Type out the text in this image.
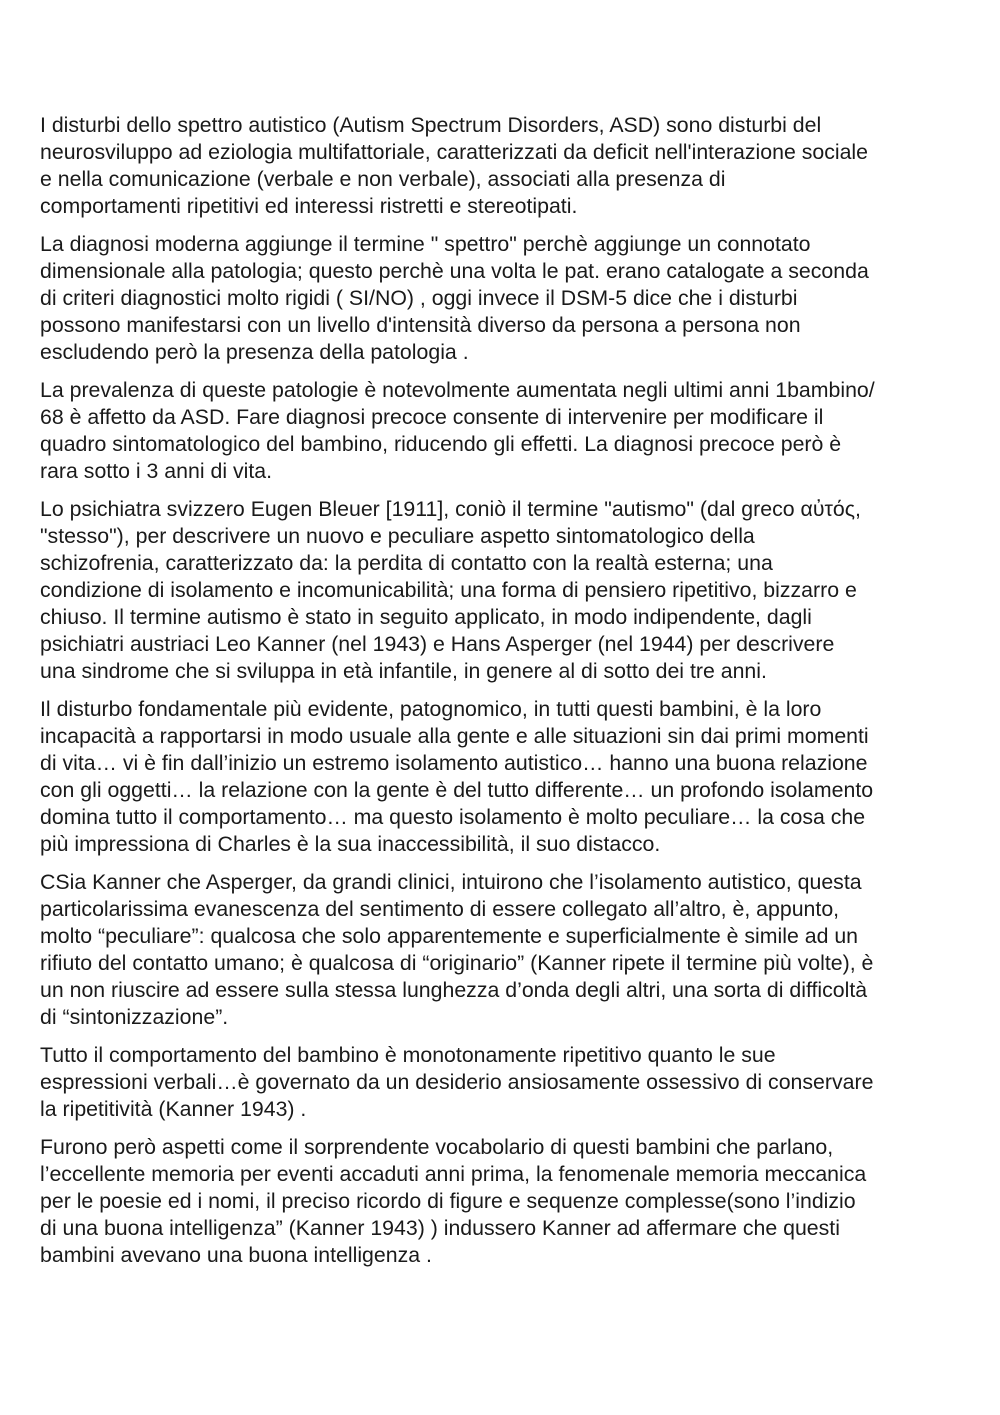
I disturbi dello spettro autistico (Autism Spectrum Disorders, ASD) sono disturbi del
neurosviluppo ad eziologia multifattoriale, caratterizzati da deficit nell'interazione sociale
e nella comunicazione (verbale e non verbale), associati alla presenza di
comportamenti ripetitivi ed interessi ristretti e stereotipati.

La diagnosi moderna aggiunge il termine " spettro" perchè aggiunge un connotato
dimensionale alla patologia; questo perchè una volta le pat. erano catalogate a seconda
di criteri diagnostici molto rigidi ( SI/NO) , oggi invece il DSM-5 dice che i disturbi
possono manifestarsi con un livello d'intensità diverso da persona a persona non
escludendo però la presenza della patologia .

La prevalenza di queste patologie è notevolmente aumentata negli ultimi anni 1bambino/
68 è affetto da ASD. Fare diagnosi precoce consente di intervenire per modificare il
quadro sintomatologico del bambino, riducendo gli effetti. La diagnosi precoce però è
rara sotto i 3 anni di vita.

Lo psichiatra svizzero Eugen Bleuer [1911], coniò il termine "autismo" (dal greco αὐτός,
"stesso"), per descrivere un nuovo e peculiare aspetto sintomatologico della
schizofrenia, caratterizzato da: la perdita di contatto con la realtà esterna; una
condizione di isolamento e incomunicabilità; una forma di pensiero ripetitivo, bizzarro e
chiuso. Il termine autismo è stato in seguito applicato, in modo indipendente, dagli
psichiatri austriaci Leo Kanner (nel 1943) e Hans Asperger (nel 1944) per descrivere
una sindrome che si sviluppa in età infantile, in genere al di sotto dei tre anni.

Il disturbo fondamentale più evidente, patognomico, in tutti questi bambini, è la loro
incapacità a rapportarsi in modo usuale alla gente e alle situazioni sin dai primi momenti
di vita… vi è fin dall’inizio un estremo isolamento autistico… hanno una buona relazione
con gli oggetti… la relazione con la gente è del tutto differente… un profondo isolamento
domina tutto il comportamento… ma questo isolamento è molto peculiare… la cosa che
più impressiona di Charles è la sua inaccessibilità, il suo distacco.

CSia Kanner che Asperger, da grandi clinici, intuirono che l’isolamento autistico, questa
particolarissima evanescenza del sentimento di essere collegato all’altro, è, appunto,
molto “peculiare”: qualcosa che solo apparentemente e superficialmente è simile ad un
rifiuto del contatto umano; è qualcosa di “originario” (Kanner ripete il termine più volte), è
un non riuscire ad essere sulla stessa lunghezza d’onda degli altri, una sorta di difficoltà
di “sintonizzazione”.

Tutto il comportamento del bambino è monotonamente ripetitivo quanto le sue
espressioni verbali…è governato da un desiderio ansiosamente ossessivo di conservare
la ripetitività (Kanner 1943) .

Furono però aspetti come il sorprendente vocabolario di questi bambini che parlano,
l’eccellente memoria per eventi accaduti anni prima, la fenomenale memoria meccanica
per le poesie ed i nomi, il preciso ricordo di figure e sequenze complesse(sono l’indizio
di una buona intelligenza” (Kanner 1943) ) indussero Kanner ad affermare che questi
bambini avevano una buona intelligenza .
